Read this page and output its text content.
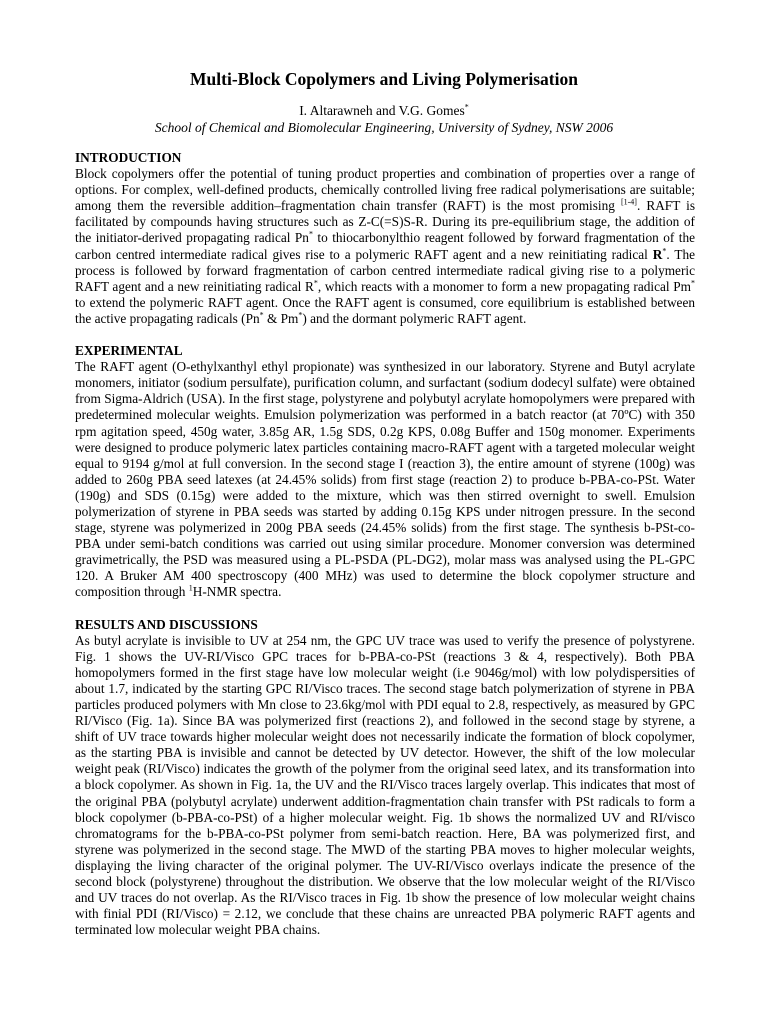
Multi-Block Copolymers and Living Polymerisation
I. Altarawneh and V.G. Gomes*
School of Chemical and Biomolecular Engineering, University of Sydney, NSW 2006

INTRODUCTION

Block copolymers offer the potential of tuning product properties and combination of properties over a range of options. For complex, well-defined products, chemically controlled living free radical polymerisations are suitable; among them the reversible addition–fragmentation chain transfer (RAFT) is the most promising [1-4]. RAFT is facilitated by compounds having structures such as Z-C(=S)S-R. During its pre-equilibrium stage, the addition of the initiator-derived propagating radical Pn* to thiocarbonylthio reagent followed by forward fragmentation of the carbon centred intermediate radical gives rise to a polymeric RAFT agent and a new reinitiating radical R*. The process is followed by forward fragmentation of carbon centred intermediate radical giving rise to a polymeric RAFT agent and a new reinitiating radical R*, which reacts with a monomer to form a new propagating radical Pm* to extend the polymeric RAFT agent. Once the RAFT agent is consumed, core equilibrium is established between the active propagating radicals (Pn* & Pm*) and the dormant polymeric RAFT agent.

EXPERIMENTAL

The RAFT agent (O-ethylxanthyl ethyl propionate) was synthesized in our laboratory. Styrene and Butyl acrylate monomers, initiator (sodium persulfate), purification column, and surfactant (sodium dodecyl sulfate) were obtained from Sigma-Aldrich (USA). In the first stage, polystyrene and polybutyl acrylate homopolymers were prepared with predetermined molecular weights. Emulsion polymerization was performed in a batch reactor (at 70ºC) with 350 rpm agitation speed, 450g water, 3.85g AR, 1.5g SDS, 0.2g KPS, 0.08g Buffer and 150g monomer. Experiments were designed to produce polymeric latex particles containing macro-RAFT agent with a targeted molecular weight equal to 9194 g/mol at full conversion. In the second stage I (reaction 3), the entire amount of styrene (100g) was added to 260g PBA seed latexes (at 24.45% solids) from first stage (reaction 2) to produce b-PBA-co-PSt. Water (190g) and SDS (0.15g) were added to the mixture, which was then stirred overnight to swell. Emulsion polymerization of styrene in PBA seeds was started by adding 0.15g KPS under nitrogen pressure. In the second stage, styrene was polymerized in 200g PBA seeds (24.45% solids) from the first stage. The synthesis b-PSt-co-PBA under semi-batch conditions was carried out using similar procedure. Monomer conversion was determined gravimetrically, the PSD was measured using a PL-PSDA (PL-DG2), molar mass was analysed using the PL-GPC 120. A Bruker AM 400 spectroscopy (400 MHz) was used to determine the block copolymer structure and composition through $^1$H-NMR spectra.

RESULTS AND DISCUSSIONS

As butyl acrylate is invisible to UV at 254 nm, the GPC UV trace was used to verify the presence of polystyrene. Fig. 1 shows the UV-RI/Visco GPC traces for b-PBA-co-PSt (reactions 3 & 4, respectively). Both PBA homopolymers formed in the first stage have low molecular weight (i.e 9046g/mol) with low polydispersities of about 1.7, indicated by the starting GPC RI/Visco traces. The second stage batch polymerization of styrene in PBA particles produced polymers with Mn close to 23.6kg/mol with PDI equal to 2.8, respectively, as measured by GPC RI/Visco (Fig. 1a). Since BA was polymerized first (reactions 2), and followed in the second stage by styrene, a shift of UV trace towards higher molecular weight does not necessarily indicate the formation of block copolymer, as the starting PBA is invisible and cannot be detected by UV detector. However, the shift of the low molecular weight peak (RI/Visco) indicates the growth of the polymer from the original seed latex, and its transformation into a block copolymer. As shown in Fig. 1a, the UV and the RI/Visco traces largely overlap. This indicates that most of the original PBA (polybutyl acrylate) underwent addition-fragmentation chain transfer with PSt radicals to form a block copolymer (b-PBA-co-PSt) of a higher molecular weight. Fig. 1b shows the normalized UV and RI/visco chromatograms for the b-PBA-co-PSt polymer from semi-batch reaction. Here, BA was polymerized first, and styrene was polymerized in the second stage. The MWD of the starting PBA moves to higher molecular weights, displaying the living character of the original polymer. The UV-RI/Visco overlays indicate the presence of the second block (polystyrene) throughout the distribution. We observe that the low molecular weight of the RI/Visco and UV traces do not overlap. As the RI/Visco traces in Fig. 1b show the presence of low molecular weight chains with finial PDI (RI/Visco) = 2.12, we conclude that these chains are unreacted PBA polymeric RAFT agents and terminated low molecular weight PBA chains.
